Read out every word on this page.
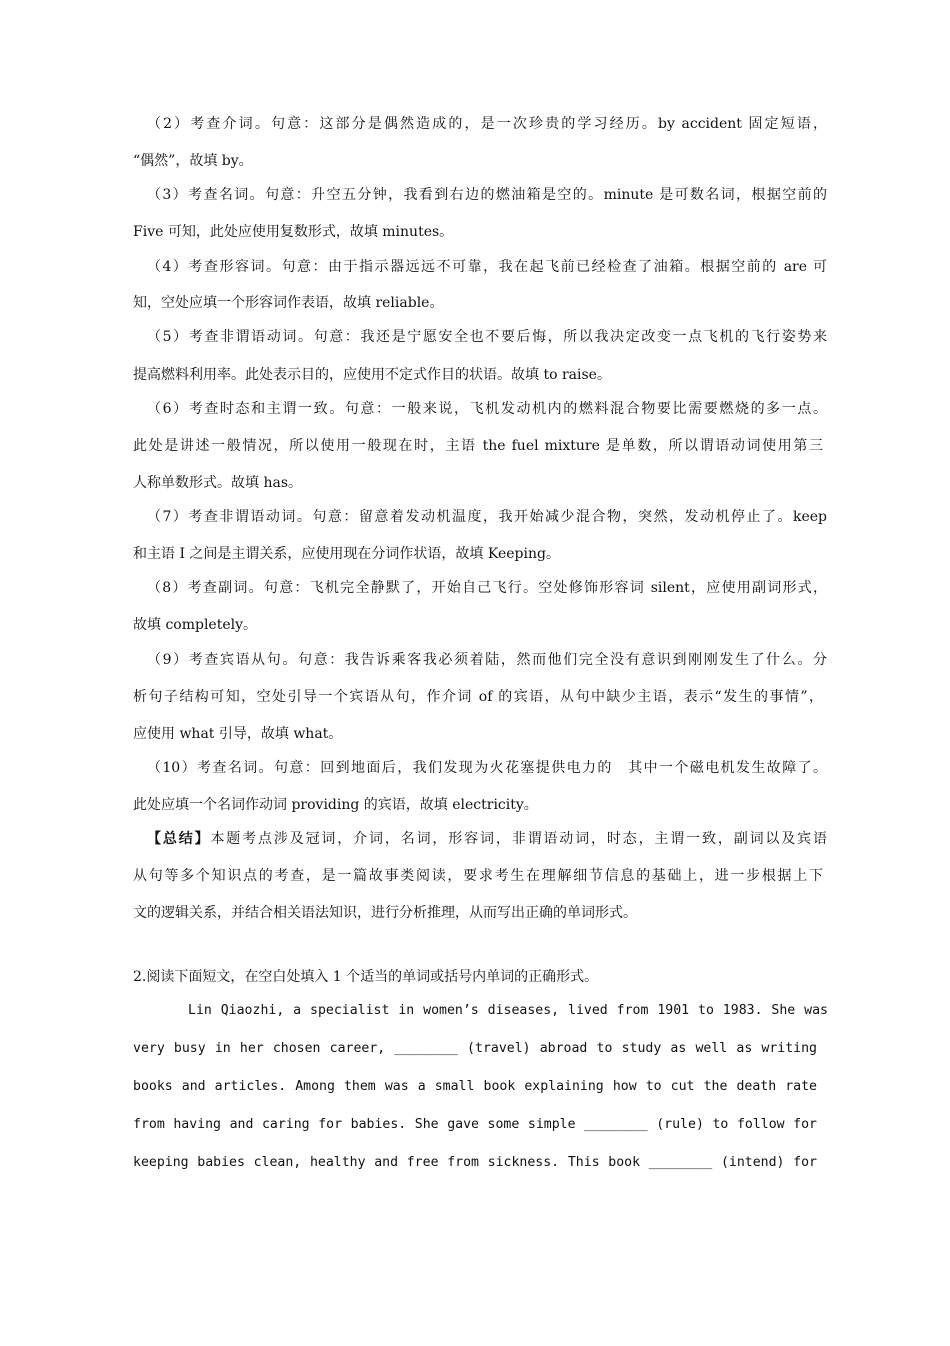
（2）考查介词。句意：这部分是偶然造成的，是一次珍贵的学习经历。by accident 固定短语，
“偶然”，故填 by。
（3）考查名词。句意：升空五分钟，我看到右边的燃油箱是空的。minute 是可数名词，根据空前的
Five 可知，此处应使用复数形式，故填 minutes。
（4）考查形容词。句意：由于指示器远远不可靠，我在起飞前已经检查了油箱。根据空前的 are 可
知，空处应填一个形容词作表语，故填 reliable。
（5）考查非谓语动词。句意：我还是宁愿安全也不要后悔，所以我决定改变一点飞机的飞行姿势来
提高燃料利用率。此处表示目的，应使用不定式作目的状语。故填 to raise。
（6）考查时态和主谓一致。句意：一般来说，飞机发动机内的燃料混合物要比需要燃烧的多一点。
此处是讲述一般情况，所以使用一般现在时，主语 the fuel mixture 是单数，所以谓语动词使用第三
人称单数形式。故填 has。
（7）考查非谓语动词。句意：留意着发动机温度，我开始减少混合物，突然，发动机停止了。keep
和主语 I 之间是主谓关系，应使用现在分词作状语，故填 Keeping。
（8）考查副词。句意：飞机完全静默了，开始自己飞行。空处修饰形容词 silent，应使用副词形式，
故填 completely。
（9）考查宾语从句。句意：我告诉乘客我必须着陆，然而他们完全没有意识到刚刚发生了什么。分
析句子结构可知，空处引导一个宾语从句，作介词 of 的宾语，从句中缺少主语，表示“发生的事情”，
应使用 what 引导，故填 what。
（10）考查名词。句意：回到地面后，我们发现为火花塞提供电力的　其中一个磁电机发生故障了。
此处应填一个名词作动词 providing 的宾语，故填 electricity。
【总结】本题考点涉及冠词，介词，名词，形容词，非谓语动词，时态，主谓一致，副词以及宾语
从句等多个知识点的考查，是一篇故事类阅读，要求考生在理解细节信息的基础上，进一步根据上下
文的逻辑关系，并结合相关语法知识，进行分析推理，从而写出正确的单词形式。
2.阅读下面短文，在空白处填入 1 个适当的单词或括号内单词的正确形式。
Lin Qiaozhi, a specialist in women’s diseases, lived from 1901 to 1983. She was
very busy in her chosen career, ________ (travel) abroad to study as well as writing
books and articles. Among them was a small book explaining how to cut the death rate
from having and caring for babies. She gave some simple ________ (rule) to follow for
keeping babies clean, healthy and free from sickness. This book ________ (intend) for
